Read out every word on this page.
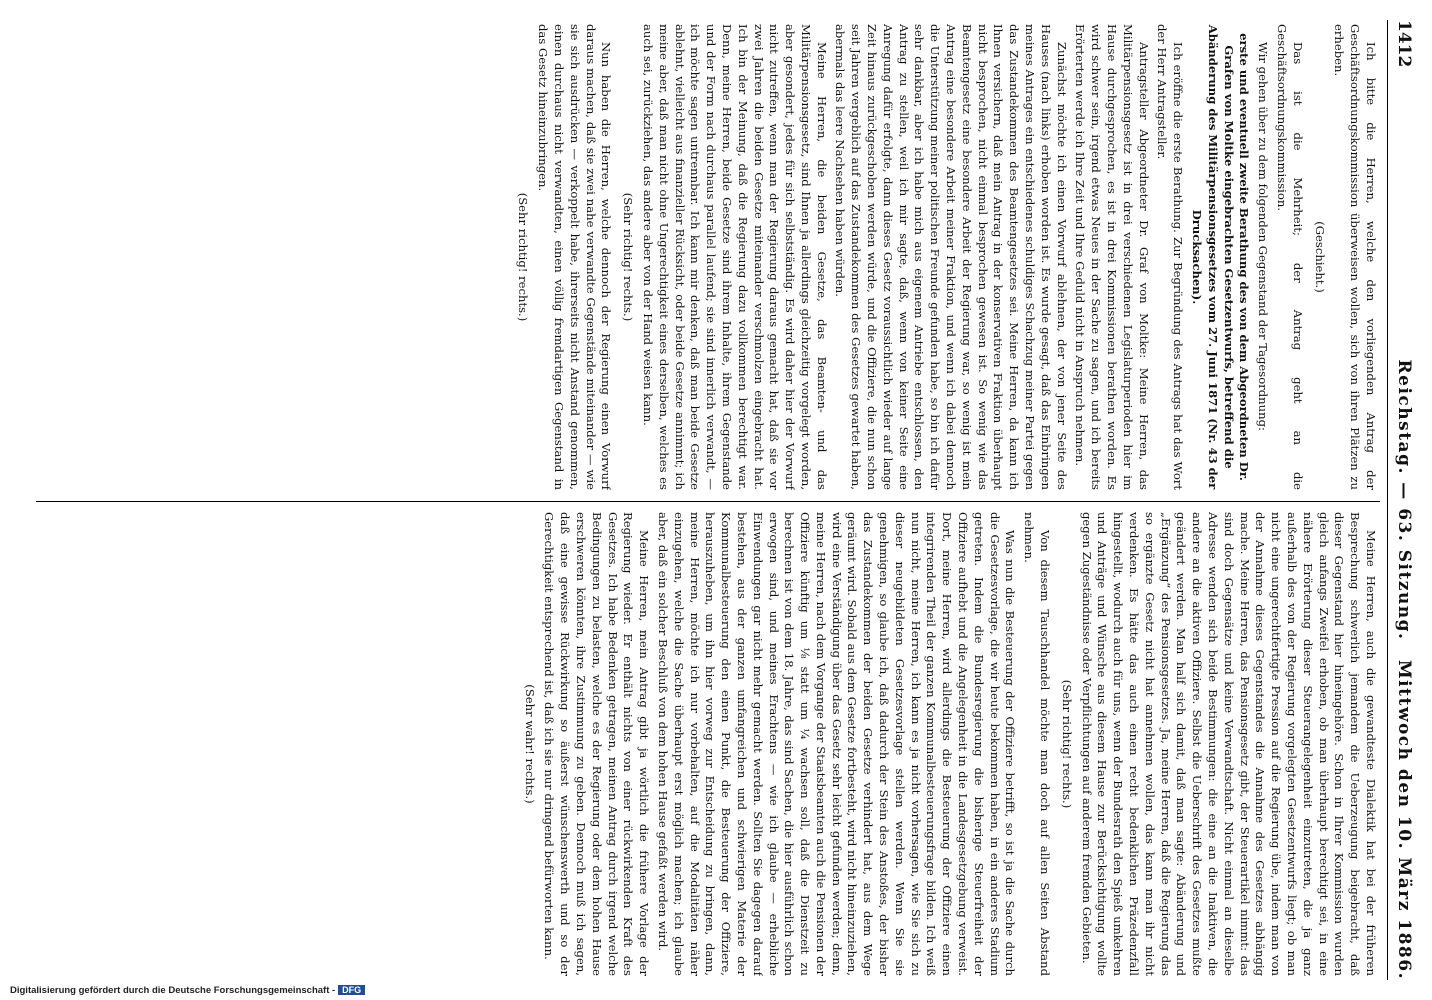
1412
Reichstag. — 63. Sitzung.
Mittwoch den 10. März 1886.

Ich bitte die Herren, welche den vorliegenden Antrag der Geschäftsordnungskommission überweisen wollen, sich von ihren Plätzen zu erheben.

(Geschieht.)

Das ist die Mehrheit; der Antrag geht an die Geschäftsordnungskommission.

Wir gehen über zu dem folgenden Gegenstand der Tagesordnung:

erste und eventuell zweite Berathung des von dem Abgeordneten Dr. Grafen von Moltke eingebrachten Gesetzentwurfs, betreffend die Abänderung des Militärpensionsgesetzes vom 27. Juni 1871 (Nr. 43 der Drucksachen).

Ich eröffne die erste Berathung. Zur Begründung des Antrags hat das Wort der Herr Antragsteller.

Antragsteller Abgeordneter Dr. Graf von Moltke: Meine Herren, das Militärpensionsgesetz ist in drei verschiedenen Legislaturperioden hier im Hause durchgesprochen, es ist in drei Kommissionen berathen worden. Es wird schwer sein, irgend etwas Neues in der Sache zu sagen, und ich bereits Erörterten werde ich Ihre Zeit und Ihre Geduld nicht in Anspruch nehmen.

Zunächst möchte ich einen Vorwurf ablehnen, der von jener Seite des Hauses (nach links) erhoben worden ist. Es wurde gesagt, daß das Einbringen meines Antrages ein entschiedenes schuldiges Schachzug meiner Partei gegen das Zustandekommen des Beamtengesetzes sei. Meine Herren, da kann ich Ihnen versichern, daß mein Antrag in der konservativen Fraktion überhaupt nicht besprochen, nicht einmal besprochen gewesen ist. So wenig wie das Beamtengesetz eine besondere Arbeit der Regierung war, so wenig ist mein Antrag eine besondere Arbeit meiner Fraktion, und wenn ich dabei dennoch die Unterstützung meiner politischen Freunde gefunden habe, so bin ich dafür sehr dankbar, aber ich habe mich aus eigenem Antriebe entschlossen, den Antrag zu stellen, weil ich mir sagte, daß, wenn von keiner Seite eine Anregung dafür erfolgte, dann dieses Gesetz voraussichtlich wieder auf lange Zeit hinaus zurückgeschoben werden würde, und die Offiziere, die nun schon seit Jahren vergeblich auf das Zustandekommen des Gesetzes gewartet haben, abermals das leere Nachsehen haben würden.

Meine Herren, die beiden Gesetze, das Beamten- und das Militärpensionsgesetz, sind Ihnen ja allerdings gleichzeitig vorgelegt worden, aber gesondert, jedes für sich selbstständig. Es wird daher hier der Vorwurf nicht zutreffen, wenn man der Regierung daraus gemacht hat, daß sie vor zwei Jahren die beiden Gesetze miteinander verschmolzen eingebracht hat. Ich bin der Meinung, daß die Regierung dazu vollkommen berechtigt war. Denn, meine Herren, beide Gesetze sind ihrem Inhalte, ihrem Gegenstande und der Form nach durchaus parallel laufend; sie sind innerlich verwandt, — ich möchte sagen untrennbar. Ich kann mir denken, daß man beide Gesetze ablehnt, vielleicht aus finanzieller Rücksicht, oder beide Gesetze annimmt; ich meine aber, daß man nicht ohne Ungerechtigkeit eines derselben, welches es auch sei, zurückziehen, das andere aber von der Hand weisen kann.

(Sehr richtig! rechts.)

Nun haben die Herren, welche dennoch der Regierung einen Vorwurf daraus machen, daß sie zwei nahe verwandte Gegenstände miteinander — wie sie sich ausdrücken — verkoppelt habe, ihrerseits nicht Anstand genommen, einen durchaus nicht verwandten, einen völlig fremdartigen Gegenstand in das Gesetz hineinzubringen.

(Sehr richtig! rechts.)

Meine Herren, auch die gewandteste Dialektik hat bei der früheren Besprechung schwerlich jemandem die Ueberzeugung beigebracht, daß dieser Gegenstand hier hineingehöre. Schon in Ihrer Kommission wurden gleich anfangs Zweifel erhoben, ob man überhaupt berechtigt sei, in eine nähere Erörterung dieser Steuerangelegenheit einzutreten, die ja ganz außerhalb des von der Regierung vorgelegten Gesetzentwurfs liegt; ob man nicht eine ungerechtfertigte Pression auf die Regierung übe, indem man von der Annahme dieses Gegenstandes die Annahme des Gesetzes abhängig mache. Meine Herren, das Pensionsgesetz gibt, der Steuerartikel nimmt: das sind doch Gegensätze und keine Verwandtschaft. Nicht einmal an dieselbe Adresse wenden sich beide Bestimmungen: die eine an die Inaktiven, die andere an die aktiven Offiziere. Selbst die Ueberschrift des Gesetzes mußte geändert werden. Man half sich damit, daß man sagte: Abänderung und „Ergänzung“ des Pensionsgesetzes. Ja, meine Herren, daß die Regierung das so ergänzte Gesetz nicht hat annehmen wollen, das kann man ihr nicht verdenken. Es hätte das auch einen recht bedenklichen Präzedenzfall hingestellt, wodurch auch für uns, wenn der Bundesrath den Spieß umkehren und Anträge und Wünsche aus diesem Hause zur Berücksichtigung wollte gegen Zugeständnisse oder Verpflichtungen auf anderem fremden Gebieten.

(Sehr richtig! rechts.)

Von diesem Tauschhandel möchte man doch auf allen Seiten Abstand nehmen.

Was nun die Besteuerung der Offiziere betrifft, so ist ja die Sache durch die Gesetzesvorlage, die wir heute bekommen haben, in ein anderes Stadium getreten. Indem die Bundesregierung die bisherige Steuerfreiheit der Offiziere aufhebt und die Angelegenheit in die Landesgesetzgebung verweist. Dort, meine Herren, wird allerdings die Besteuerung der Offiziere einen integrirenden Theil der ganzen Kommunalbesteuerungsfrage bilden. Ich weiß nun nicht, meine Herren, ich kann es ja nicht vorhersagen, wie Sie sich zu dieser neugebildeten Gesetzesvorlage stellen werden. Wenn Sie sie genehmigen, so glaube ich, daß dadurch der Stein des Anstoßes, der bisher das Zustandekommen der beiden Gesetze verhindert hat, aus dem Wege geräumt wird. Sobald aus dem Gesetze fortbesteht, wird nicht hineinzuziehen, wird eine Verständigung über das Gesetz sehr leicht gefunden werden; denn, meine Herren, nach dem Vorgange der Staatsbeamten auch die Pensionen der Offiziere künftig um ⅛ statt um ¼ wachsen soll, daß die Dienstzeit zu berechnen ist von dem 18. Jahre, das sind Sachen, die hier ausführlich schon erwogen sind, und meines Erachtens — wie ich glaube — erhebliche Einwendungen gar nicht mehr gemacht werden. Sollten Sie dagegen darauf bestehen, aus der ganzen umfangreichen und schwierigen Materie der Kommunalbesteuerung den einen Punkt, die Besteuerung der Offiziere, herauszuheben, um ihn hier vorweg zur Entscheidung zu bringen, dann, meine Herren, möchte ich nur vorbehalten, auf die Modalitäten näher einzugehen, welche die Sache überhaupt erst möglich machen; ich glaube aber, daß ein solcher Beschluß von dem hohen Hause gefaßt werden wird.

Meine Herren, mein Antrag gibt ja wörtlich die frühere Vorlage der Regierung wieder. Er enthält nichts von einer rückwirkenden Kraft des Gesetzes. Ich habe Bedenken getragen, meinen Antrag durch irgend welche Bedingungen zu belasten, welche es der Regierung oder dem hohen Hause erschweren könnten, ihre Zustimmung zu geben. Dennoch muß ich sagen, daß eine gewisse Rückwirkung so äußerst wünschenswerth und so der Gerechtigkeit entsprechend ist, daß ich sie nur dringend befürworten kann.

(Sehr wahr! rechts.)

Digitalisierung gefördert durch die Deutsche Forschungsgemeinschaft - DFG
